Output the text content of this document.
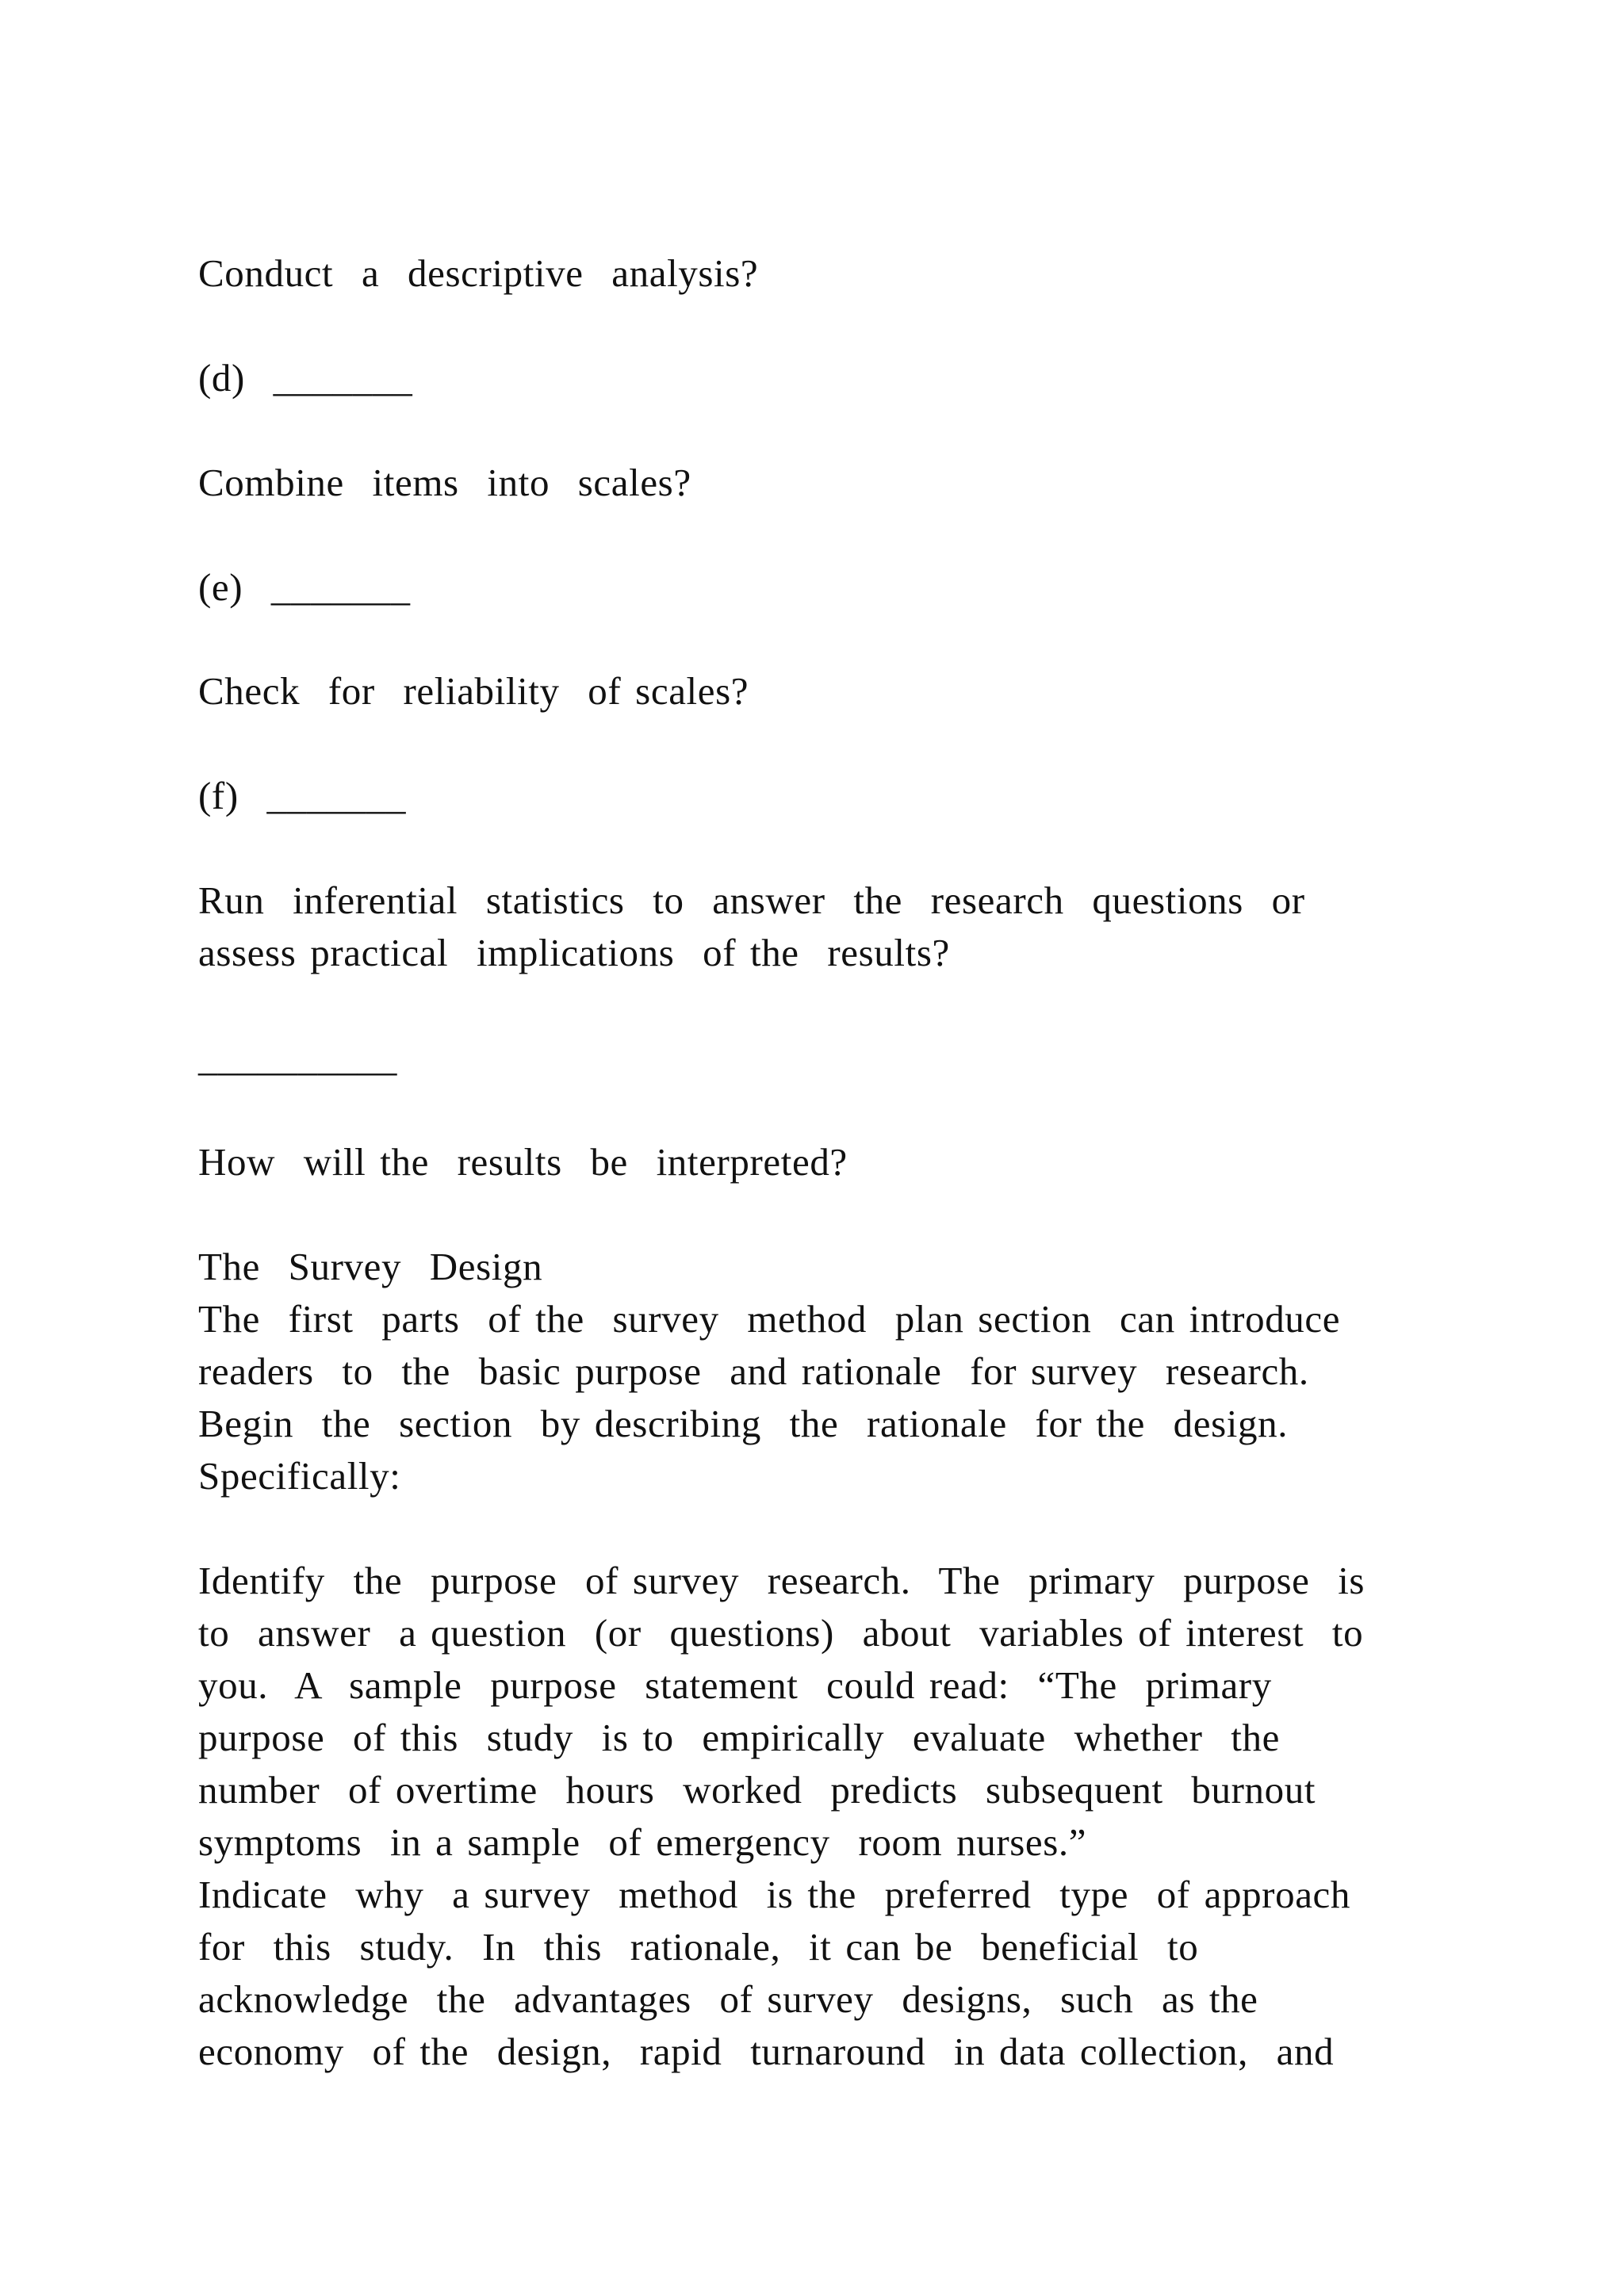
Conduct  a  descriptive  analysis?

(d)  _______

Combine  items  into  scales?

(e)  _______

Check  for  reliability  of scales?

(f)  _______

Run  inferential  statistics  to  answer  the  research  questions  or

assess practical  implications  of the  results?

__________

How  will the  results  be  interpreted?

The  Survey  Design

The  first  parts  of the  survey  method  plan section  can introduce

readers  to  the  basic purpose  and rationale  for survey  research.

Begin  the  section  by describing  the  rationale  for the  design.

Specifically:

Identify  the  purpose  of survey  research.  The  primary  purpose  is

to  answer  a question  (or  questions)  about  variables of interest  to

you.  A  sample  purpose  statement  could read:  “The  primary

purpose  of this  study  is to  empirically  evaluate  whether  the

number  of overtime  hours  worked  predicts  subsequent  burnout

symptoms  in a sample  of emergency  room nurses.”

Indicate  why  a survey  method  is the  preferred  type  of approach

for  this  study.  In  this  rationale,  it can be  beneficial  to

acknowledge  the  advantages  of survey  designs,  such  as the

economy  of the  design,  rapid  turnaround  in data collection,  and
